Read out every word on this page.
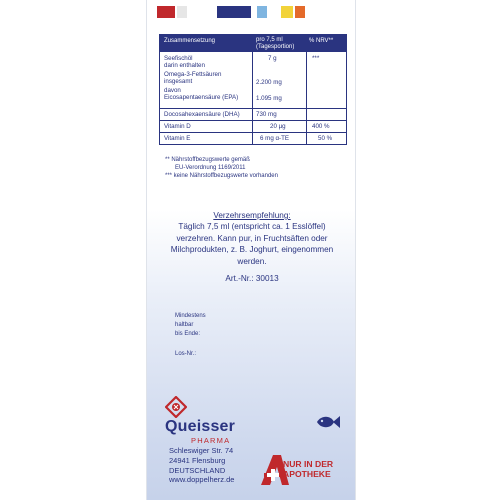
Zusammensetzung	pro 7,5 ml
(Tagesportion)
% NRV**
Seefischöl	7 g	***
darin enthalten
Omega-3-Fettsäuren
insgesamt	2.200 mg
davon
Eicosapentaensäure (EPA)	1.095 mg
Docosahexaensäure (DHA)	730 mg
Vitamin D	20 µg	400 %
Vitamin E	6 mg α-TE	50 %
** Nährstoffbezugswerte gemäß
EU-Verordnung 1169/2011
*** keine Nährstoffbezugswerte vorhanden
Verzehrsempfehlung:
Täglich 7,5 ml (entspricht ca. 1 Esslöffel)
verzehren. Kann pur, in Fruchtsäften oder
Milchprodukten, z. B. Joghurt, eingenommen
werden.
Art.-Nr.: 30013
Mindestens
haltbar
bis Ende:
Los-Nr.:
Queisser
PHARMA
Schleswiger Str. 74
24941 Flensburg
DEUTSCHLAND
www.doppelherz.de
NUR IN DER
APOTHEKE
